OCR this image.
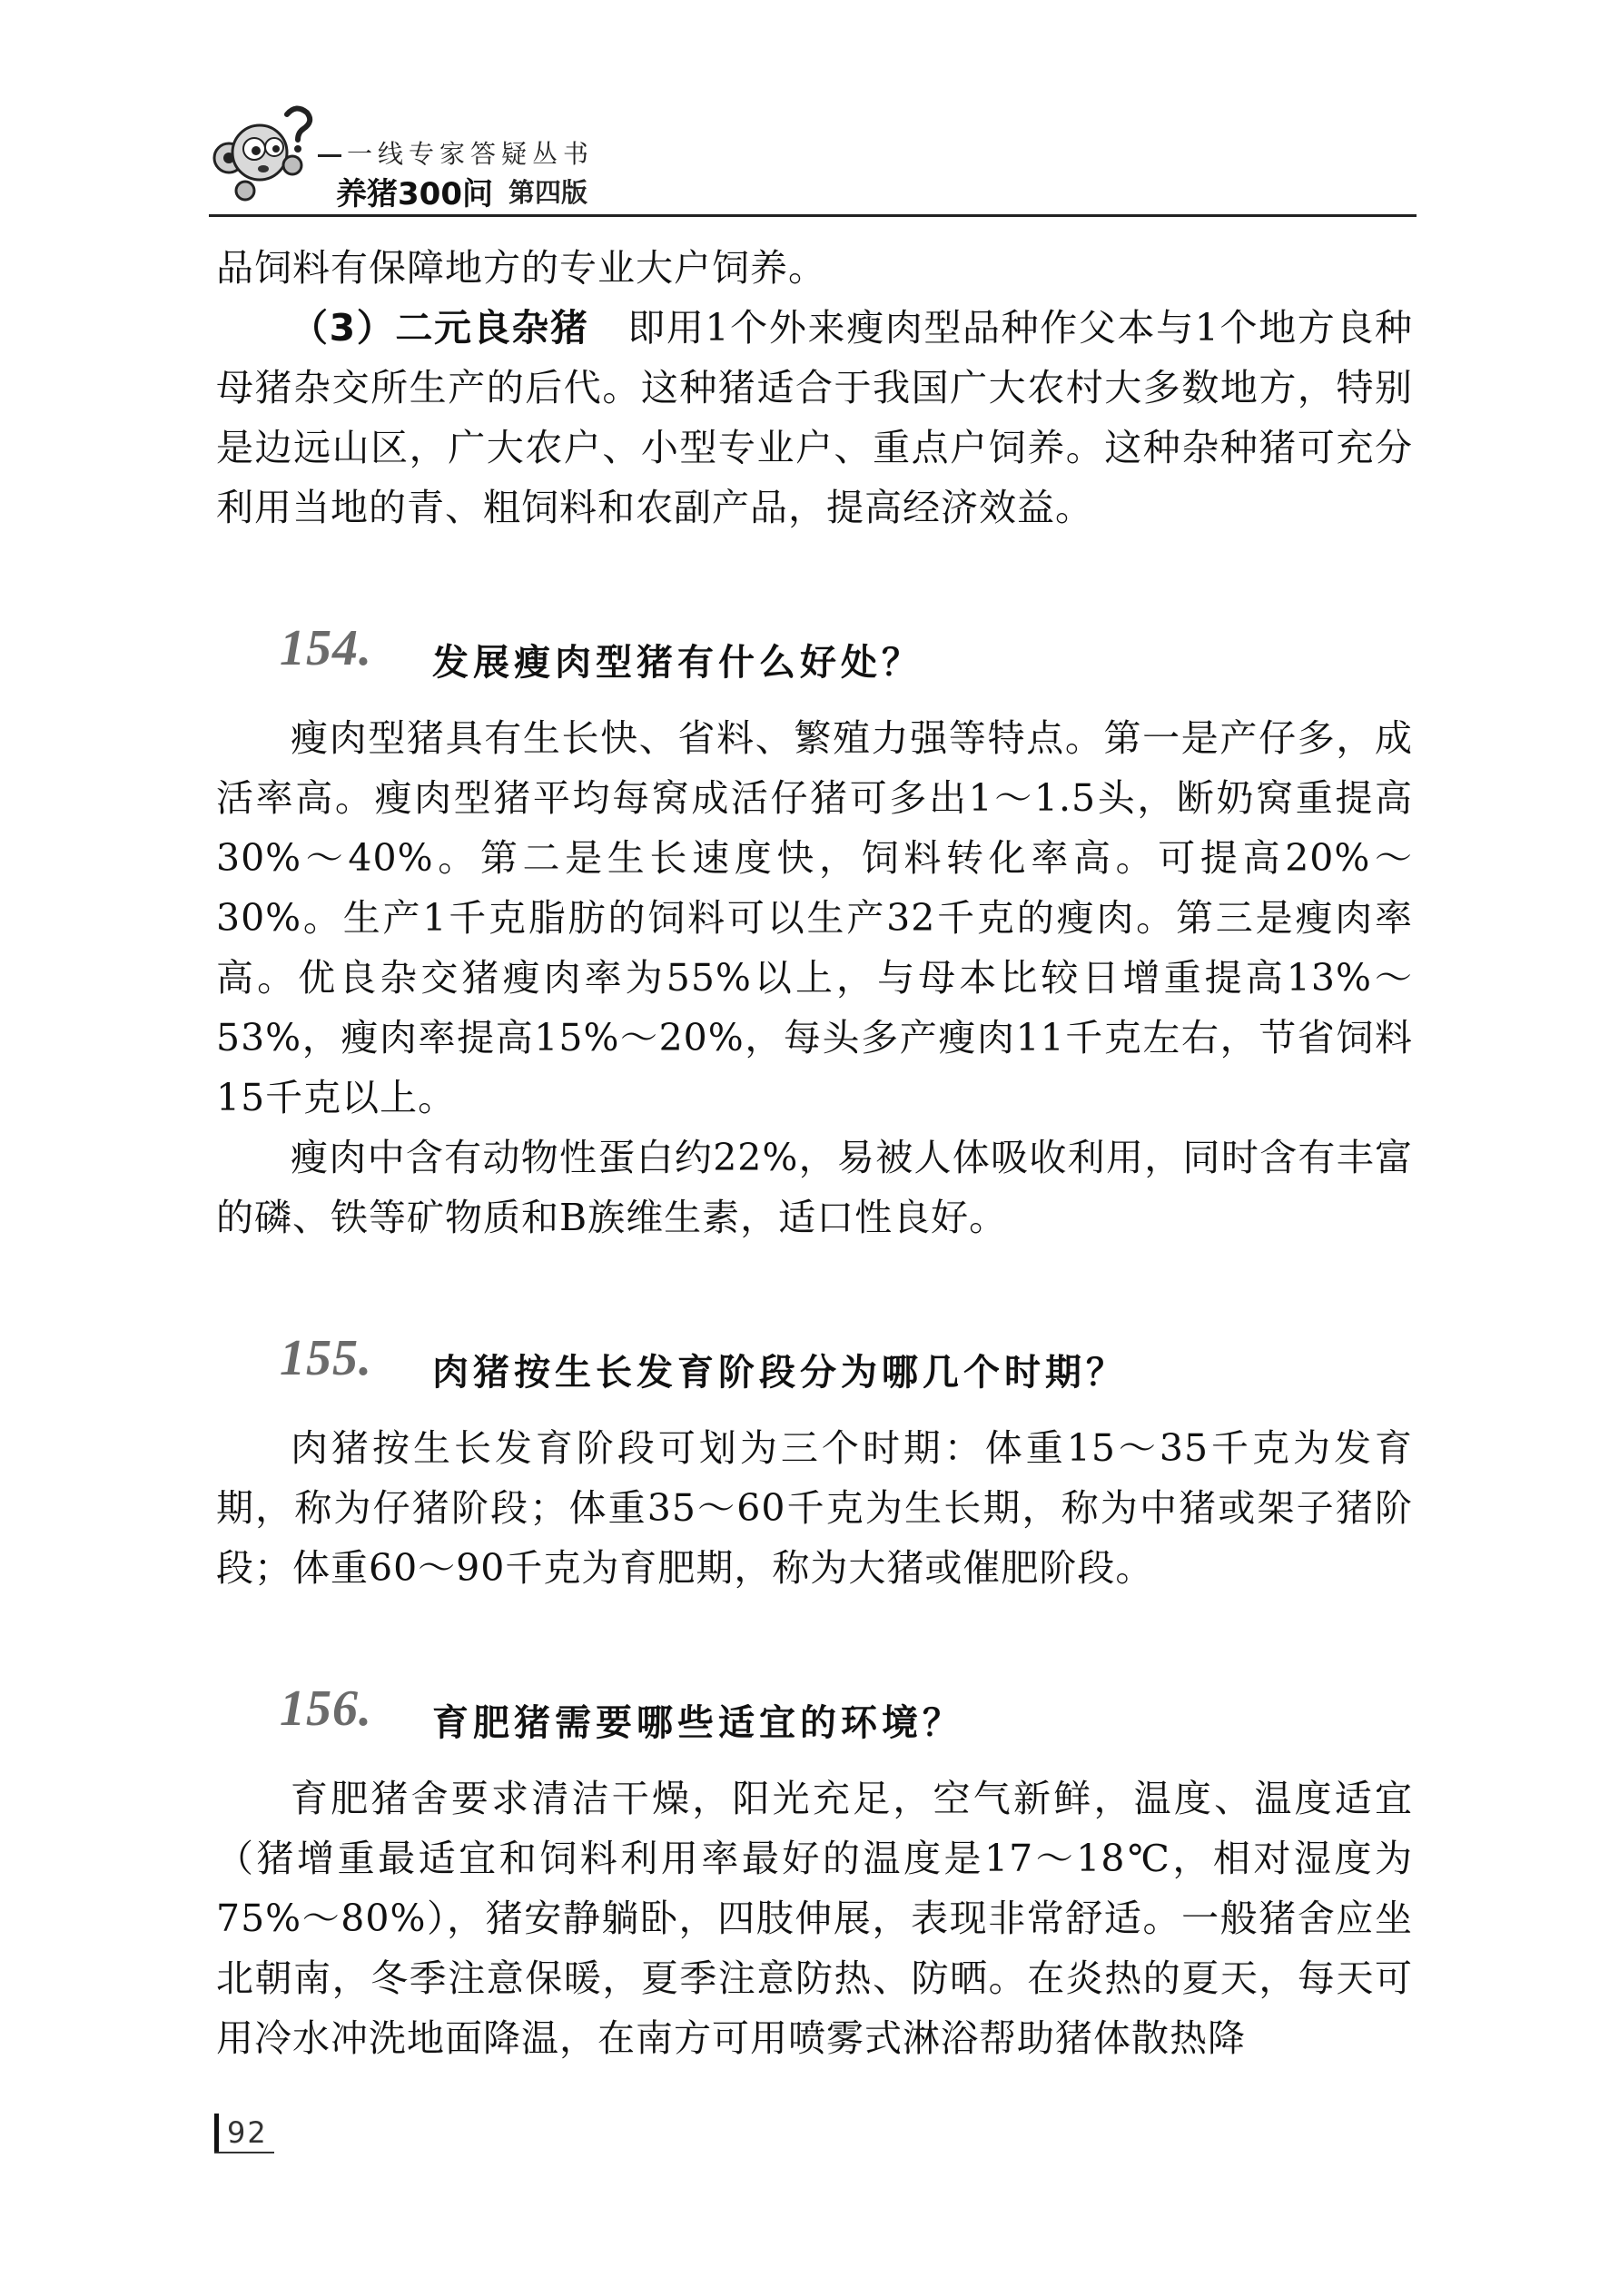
一线专家答疑丛书
养猪300问 第四版

品饲料有保障地方的专业大户饲养。

（3）二元良杂猪  即用1个外来瘦肉型品种作父本与1个地方良种母猪杂交所生产的后代。这种猪适合于我国广大农村大多数地方，特别是边远山区，广大农户、小型专业户、重点户饲养。这种杂种猪可充分利用当地的青、粗饲料和农副产品，提高经济效益。

154. 发展瘦肉型猪有什么好处？

瘦肉型猪具有生长快、省料、繁殖力强等特点。第一是产仔多，成活率高。瘦肉型猪平均每窝成活仔猪可多出1～1.5头，断奶窝重提高30%～40%。第二是生长速度快，饲料转化率高。可提高20%～30%。生产1千克脂肪的饲料可以生产32千克的瘦肉。第三是瘦肉率高。优良杂交猪瘦肉率为55%以上，与母本比较日增重提高13%～53%，瘦肉率提高15%～20%，每头多产瘦肉11千克左右，节省饲料15千克以上。

瘦肉中含有动物性蛋白约22%，易被人体吸收利用，同时含有丰富的磷、铁等矿物质和B族维生素，适口性良好。

155. 肉猪按生长发育阶段分为哪几个时期？

肉猪按生长发育阶段可划为三个时期：体重15～35千克为发育期，称为仔猪阶段；体重35～60千克为生长期，称为中猪或架子猪阶段；体重60～90千克为育肥期，称为大猪或催肥阶段。

156. 育肥猪需要哪些适宜的环境？

育肥猪舍要求清洁干燥，阳光充足，空气新鲜，温度、温度适宜（猪增重最适宜和饲料利用率最好的温度是17～18℃，相对湿度为75%～80%），猪安静躺卧，四肢伸展，表现非常舒适。一般猪舍应坐北朝南，冬季注意保暖，夏季注意防热、防晒。在炎热的夏天，每天可用冷水冲洗地面降温，在南方可用喷雾式淋浴帮助猪体散热降

92
